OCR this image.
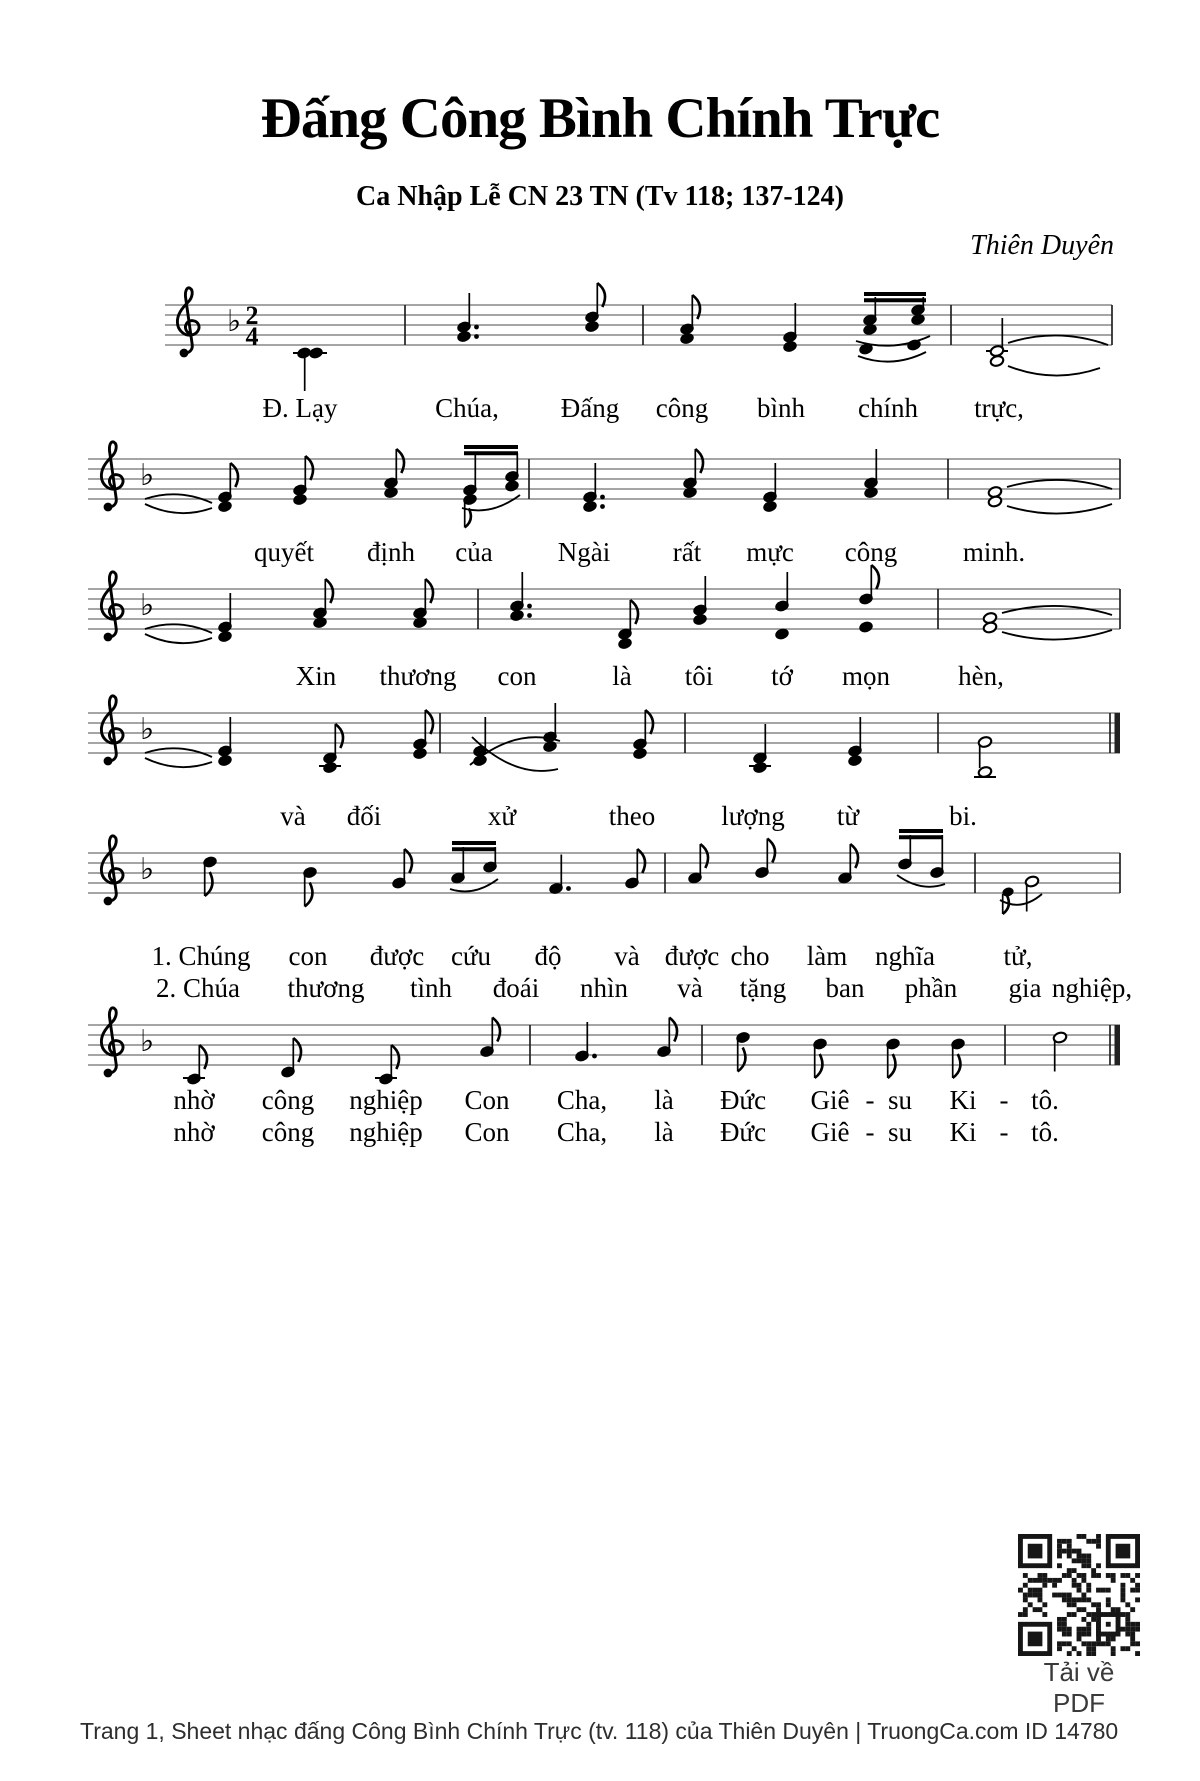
Đấng Công Bình Chính Trực
Ca Nhập Lễ CN 23 TN (Tv 118; 137-124)
Thiên Duyên
♭ 2
4
♭
♭
♭
♭
♭
Đ. Lạy	Chúa, Đấng công bình chính trực,
quyết định của Ngài rất mực công minh.
Xin thương con	là tôi tớ mọn	hèn,
và đối	xử	theo lượng từ	bi.
1. Chúng con được cứu độ và được cho làm nghĩa	tử,
2. Chúa thương tình đoái nhìn và tặng ban phần gia nghiệp,
nhờ công nghiệp Con Cha, là Đức Giê - su Ki - tô.
nhờ công nghiệp Con Cha, là Đức Giê - su Ki - tô.
Tải về PDF
Trang 1, Sheet nhạc đấng Công Bình Chính Trực (tv. 118) của Thiên Duyên | TruongCa.com ID 14780
